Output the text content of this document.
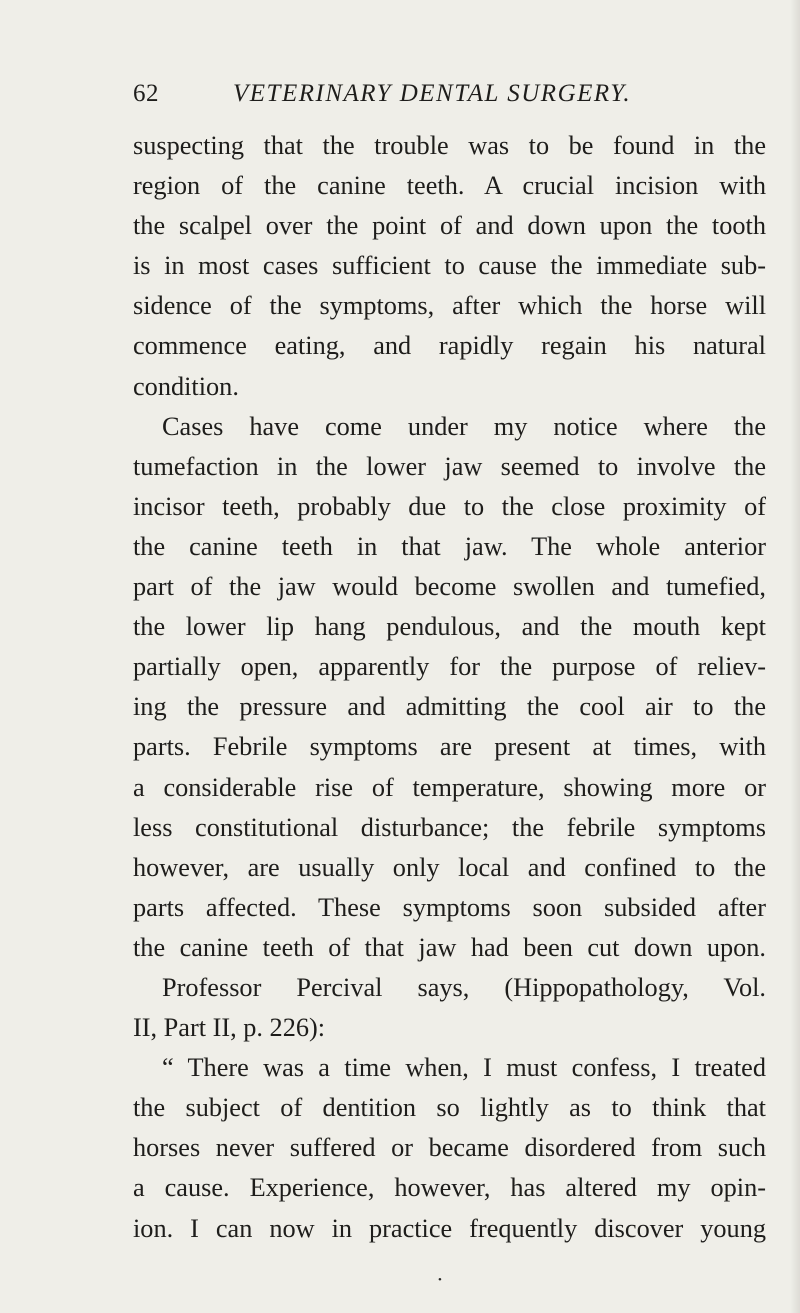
62	VETERINARY DENTAL SURGERY.
suspecting that the trouble was to be found in the
region of the canine teeth. A crucial incision with
the scalpel over the point of and down upon the tooth
is in most cases sufficient to cause the immediate sub-
sidence of the symptoms, after which the horse will
commence eating, and rapidly regain his natural
condition.
Cases have come under my notice where the
tumefaction in the lower jaw seemed to involve the
incisor teeth, probably due to the close proximity of
the canine teeth in that jaw. The whole anterior
part of the jaw would become swollen and tumefied,
the lower lip hang pendulous, and the mouth kept
partially open, apparently for the purpose of reliev-
ing the pressure and admitting the cool air to the
parts. Febrile symptoms are present at times, with
a considerable rise of temperature, showing more or
less constitutional disturbance; the febrile symptoms
however, are usually only local and confined to the
parts affected. These symptoms soon subsided after
the canine teeth of that jaw had been cut down upon.
Professor Percival says, (Hippopathology, Vol.
II, Part II, p. 226):
“ There was a time when, I must confess, I treated
the subject of dentition so lightly as to think that
horses never suffered or became disordered from such
a cause. Experience, however, has altered my opin-
ion. I can now in practice frequently discover young
•
